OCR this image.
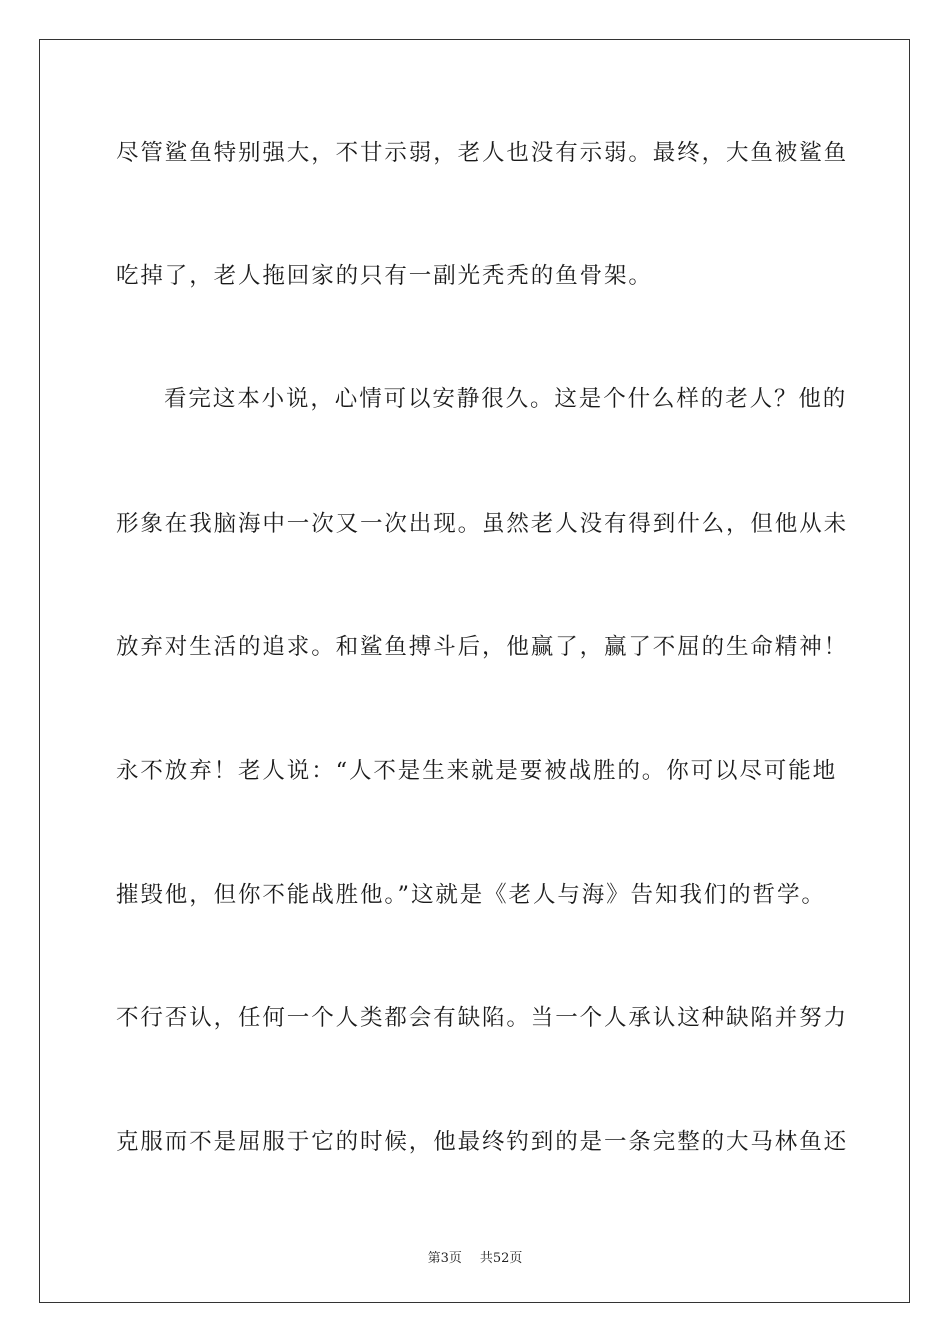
尽管鲨鱼特别强大，不甘示弱，老人也没有示弱。最终，大鱼被鲨鱼
吃掉了，老人拖回家的只有一副光秃秃的鱼骨架。
看完这本小说，心情可以安静很久。这是个什么样的老人？他的
形象在我脑海中一次又一次出现。虽然老人没有得到什么，但他从未
放弃对生活的追求。和鲨鱼搏斗后，他赢了，赢了不屈的生命精神！
永不放弃！老人说：“人不是生来就是要被战胜的。你可以尽可能地
摧毁他，但你不能战胜他。”这就是《老人与海》告知我们的哲学。
不行否认，任何一个人类都会有缺陷。当一个人承认这种缺陷并努力
克服而不是屈服于它的时候，他最终钓到的是一条完整的大马林鱼还
第3页 共52页
